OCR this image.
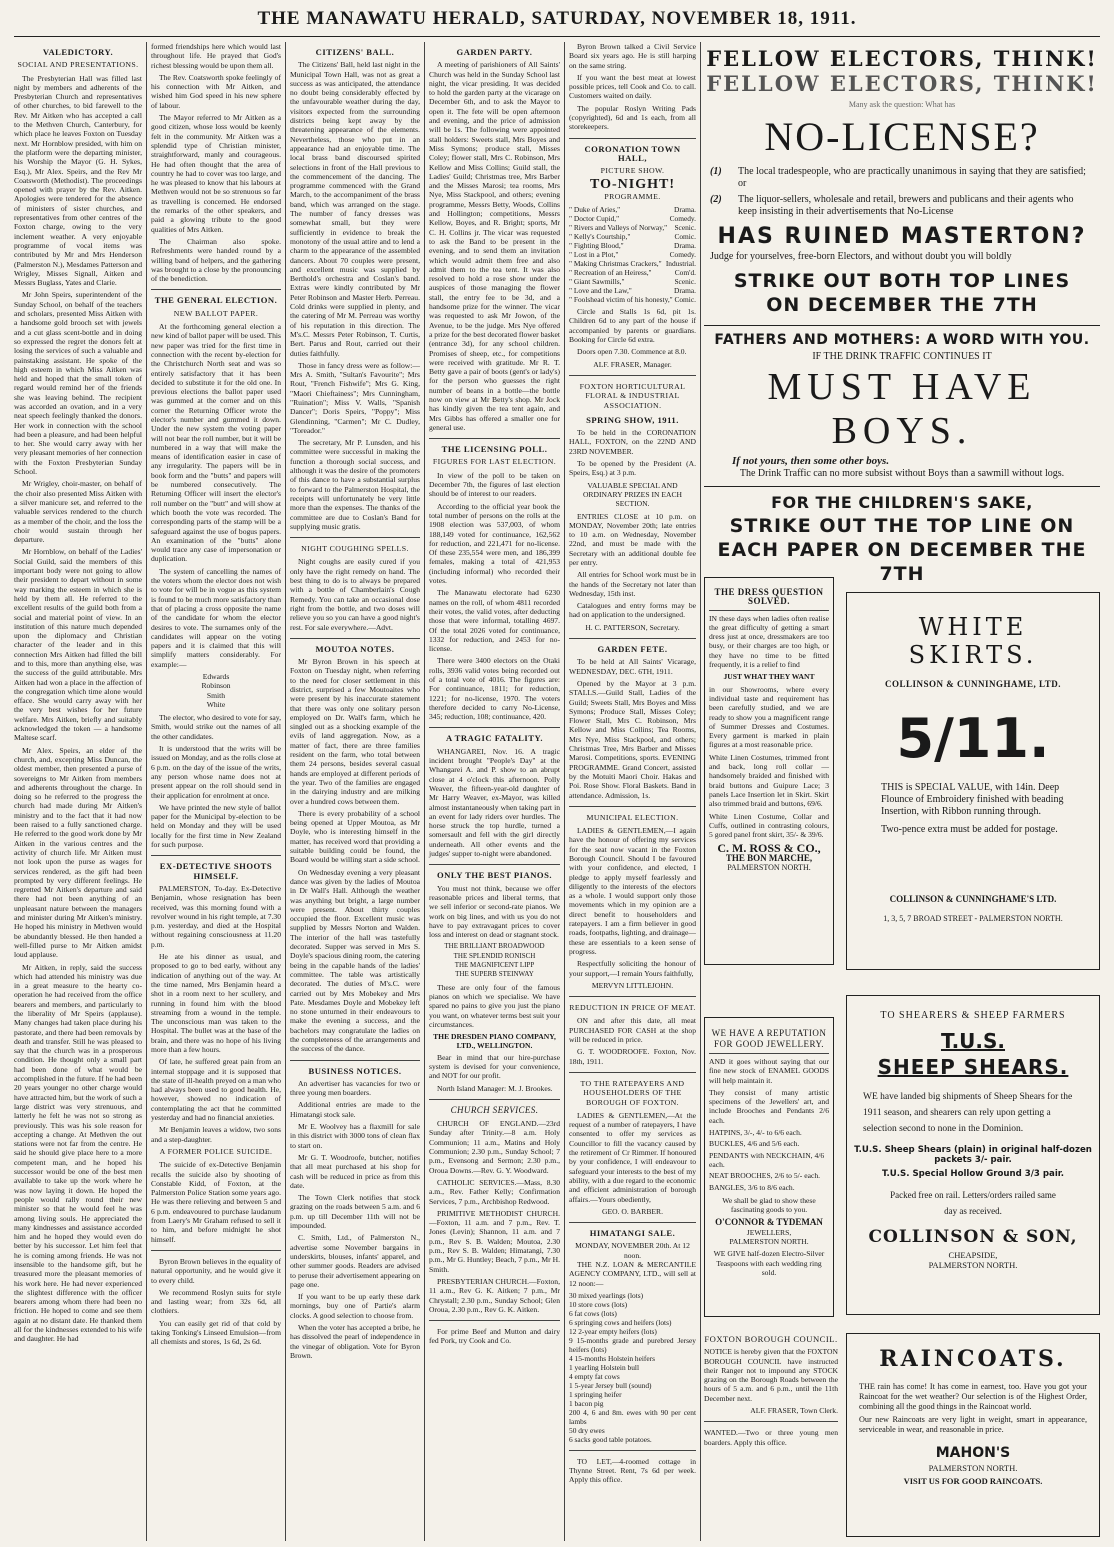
THE MANAWATU HERALD, SATURDAY, NOVEMBER 18, 1911.
VALEDICTORY.
SOCIAL AND PRESENTATIONS.

The Presbyterian Hall was filled last night by members and adherents of the Presbyterian Church and representatives of other churches, to bid farewell to the Rev. Mr Aitken who has accepted a call to the Methven Church, Canterbury, for which place he leaves Foxton on Tuesday next. Mr Hornblow presided, with him on the platform were the departing minister, his Worship the Mayor (G. H. Sykes, Esq.), Mr Alex. Speirs, and the Rev Mr Coatsworth (Methodist). The proceedings opened with prayer by the Rev. Aitken. Apologies were tendered for the absence of ministers of sister churches, and representatives from other centres of the Foxton charge, owing to the very inclement weather. A very enjoyable programme of vocal items was contributed by Mr and Mrs Henderson (Palmerston N.), Mesdames Patterson and Wrigley, Misses Signall, Aitken and Messrs Buglass, Yates and Clarie.

Mr John Speirs, superintendent of the Sunday School, on behalf of the teachers and scholars, presented Miss Aitken with a handsome gold brooch set with jewels and a cut glass scent-bottle and in doing so expressed the regret the donors felt at losing the services of such a valuable and painstaking assistant. He spoke of the high esteem in which Miss Aitken was held and hoped that the small token of regard would remind her of the friends she was leaving behind. The recipient was accorded an ovation, and in a very neat speech feelingly thanked the donors. Her work in connection with the school had been a pleasure, and had been helpful to her. She would carry away with her very pleasant memories of her connection with the Foxton Presbyterian Sunday School.

Mr Wrigley, choir-master, on behalf of the choir also presented Miss Aitken with a silver manicure set, and referred to the valuable services rendered to the church as a member of the choir, and the loss the choir would sustain through her departure.

Mr Hornblow, on behalf of the Ladies' Social Guild, said the members of this important body were not going to allow their president to depart without in some way marking the esteem in which she is held by them all. He referred to the excellent results of the guild both from a social and material point of view. In an institution of this nature much depended upon the diplomacy and Christian character of the leader and in this connection Mrs Aitken had filled the bill and to this, more than anything else, was the success of the guild attributable. Mrs Aitken had won a place in the affection of the congregation which time alone would efface. She would carry away with her the very best wishes for her future welfare. Mrs Aitken, briefly and suitably acknowledged the token — a handsome Maltese scarf.

Mr Alex. Speirs, an elder of the church, and, excepting Miss Duncan, the oldest member, then presented a purse of sovereigns to Mr Aitken from members and adherents throughout the charge. In doing so he referred to the progress the church had made during Mr Aitken's ministry and to the fact that it had now been raised to a fully sanctioned charge. He referred to the good work done by Mr Aitken in the various centres and the activity of church life. Mr Aitken must not look upon the purse as wages for services rendered, as the gift had been prompted by very different feelings. He regretted Mr Aitken's departure and said there had not been anything of an unpleasant nature between the managers and minister during Mr Aitken's ministry. He hoped his ministry in Methven would be abundantly blessed. He then handed a well-filled purse to Mr Aitken amidst loud applause.

Mr Aitken, in reply, said the success which had attended his ministry was due in a great measure to the hearty co-operation he had received from the office bearers and members, and particularly to the liberality of Mr Speirs (applause). Many changes had taken place during his pastorate, and there had been removals by death and transfer. Still he was pleased to say that the church was in a prosperous condition. He thought only a small part had been done of what would be accomplished in the future. If he had been 20 years younger no other charge would have attracted him, but the work of such a large district was very strenuous, and latterly he felt he was not so strong as previously. This was his sole reason for accepting a change. At Methven the out stations were not far from the centre. He said he should give place here to a more competent man, and he hoped his successor would be one of the best men available to take up the work where he was now laying it down. He hoped the people would rally round their new minister so that he would feel he was among living souls. He appreciated the many kindnesses and assistance accorded him and he hoped they would even do better by his successor. Let him feel that he is coming among friends. He was not insensible to the handsome gift, but he treasured more the pleasant memories of his work here. He had never experienced the slightest difference with the officer bearers among whom there had been no friction. He hoped to come and see them again at no distant date. He thanked them all for the kindnesses extended to his wife and daughter. He had

formed friendships here which would last throughout life. He prayed that God's richest blessing would be upon them all.

The Rev. Coatsworth spoke feelingly of his connection with Mr Aitken, and wished him God speed in his new sphere of labour.

The Mayor referred to Mr Aitken as a good citizen, whose loss would be keenly felt in the community. Mr Aitken was a splendid type of Christian minister, straightforward, manly and courageous. He had often thought that the area of country he had to cover was too large, and he was pleased to know that his labours at Methven would not be so strenuous so far as travelling is concerned. He endorsed the remarks of the other speakers, and paid a glowing tribute to the good qualities of Mrs Aitken.

The Chairman also spoke. Refreshments were handed round by a willing band of helpers, and the gathering was brought to a close by the pronouncing of the benediction.

THE GENERAL ELECTION.
NEW BALLOT PAPER.

At the forthcoming general election a new kind of ballot paper will be used. This new paper was tried for the first time in connection with the recent by-election for the Christchurch North seat and was so entirely satisfactory that it has been decided to substitute it for the old one. In previous elections the ballot paper used was gummed at the corner and on this corner the Returning Officer wrote the elector's number and gummed it down. Under the new system the voting paper will not bear the roll number, but it will be numbered in a way that will make the means of identification easier in case of any irregularity. The papers will be in book form and the "butts" and papers will be numbered consecutively. The Returning Officer will insert the elector's roll number on the "butt" and will show at which booth the vote was recorded. The corresponding parts of the stamp will be a safeguard against the use of bogus papers. An examination of the "butts" alone would trace any case of impersonation or duplication.

The system of cancelling the names of the voters whom the elector does not wish to vote for will be in vogue as this system is found to be much more satisfactory than that of placing a cross opposite the name of the candidate for whom the elector desires to vote. The surnames only of the candidates will appear on the voting papers and it is claimed that this will simplify matters considerably. For example:—

Edwards
Robinson
Smith
White

The elector, who desired to vote for say, Smith, would strike out the names of all the other candidates.

It is understood that the writs will be issued on Monday, and as the rolls close at 6 p.m. on the day of the issue of the writs, any person whose name does not at present appear on the roll should send in their application for enrolment at once.

We have printed the new style of ballot paper for the Municipal by-election to be held on Monday and they will be used locally for the first time in New Zealand for such purpose.

EX-DETECTIVE SHOOTS HIMSELF.

PALMERSTON, To-day. Ex-Detective Benjamin, whose resignation has been received, was this morning found with a revolver wound in his right temple, at 7.30 p.m. yesterday, and died at the Hospital without regaining consciousness at 11.20 p.m.

He ate his dinner as usual, and proposed to go to bed early, without any indication of anything out of the way. At the time named, Mrs Benjamin heard a shot in a room next to her scullery, and running in found him with the blood streaming from a wound in the temple. The unconscious man was taken to the Hospital. The bullet was at the base of the brain, and there was no hope of his living more than a few hours.

Of late, he suffered great pain from an internal stoppage and it is supposed that the state of ill-health preyed on a man who had always been used to good health. He, however, showed no indication of contemplating the act that he committed yesterday and had no financial anxieties.

Mr Benjamin leaves a widow, two sons and a step-daughter.

A FORMER POLICE SUICIDE.

The suicide of ex-Detective Benjamin recalls the suicide also by shooting of Constable Kidd, of Foxton, at the Palmerston Police Station some years ago. He was there relieving and between 5 and 6 p.m. endeavoured to purchase laudanum from Laery's Mr Graham refused to sell it to him, and before midnight he shot himself.

Byron Brown believes in the equality of natural opportunity, and he would give it to every child.

We recommend Roslyn suits for style and lasting wear; from 32s 6d, all clothiers.

You can easily get rid of that cold by taking Tonking's Linseed Emulsion—from all chemists and stores, 1s 6d, 2s 6d.

CITIZENS' BALL.

The Citizens' Ball, held last night in the Municipal Town Hall, was not as great a success as was anticipated, the attendance no doubt being considerably effected by the unfavourable weather during the day, visitors expected from the surrounding districts being kept away by the threatening appearance of the elements. Nevertheless, those who put in an appearance had an enjoyable time. The local brass band discoursed spirited selections in front of the Hall previous to the commencement of the dancing. The programme commenced with the Grand March, to the accompaniment of the brass band, which was arranged on the stage. The number of fancy dresses was somewhat small, but they were sufficiently in evidence to break the monotony of the usual attire and to lend a charm to the appearance of the assembled dancers. About 70 couples were present, and excellent music was supplied by Berthold's orchestra and Coslan's band. Extras were kindly contributed by Mr Peter Robinson and Master Herb. Perreau. Cold drinks were supplied in plenty, and the catering of Mr M. Perreau was worthy of his reputation in this direction. The M's.C. Messrs Peter Robinson, T. Curtis, Bert. Parus and Rout, carried out their duties faithfully.

Those in fancy dress were as follow:—Mrs A. Smith, "Sultan's Favourite"; Mrs Rout, "French Fishwife"; Mrs G. King, "Maori Chieftainess"; Mrs Cunningham, "Ruination"; Miss V. Walls, "Spanish Dancer"; Doris Speirs, "Poppy"; Miss Glendinning, "Carmen"; Mr C. Dudley, "Toreador."

The secretary, Mr P. Lunsden, and his committee were successful in making the function a thorough social success, and although it was the desire of the promoters of this dance to have a substantial surplus to forward to the Palmerston Hospital, the receipts will unfortunately be very little more than the expenses. The thanks of the committee are due to Coslan's Band for supplying music gratis.

NIGHT COUGHING SPELLS.

Night coughs are easily cured if you only have the right remedy on hand. The best thing to do is to always be prepared with a bottle of Chamberlain's Cough Remedy. You can take an occasional dose right from the bottle, and two doses will relieve you so you can have a good night's rest. For sale everywhere.—Advt.

MOUTOA NOTES.

Mr Byron Brown in his speech at Foxton on Tuesday night, when referring to the need for closer settlement in this district, surprised a few Moutoaites who were present by his inaccurate statement that there was only one solitary person employed on Dr. Wall's farm, which he singled out as a shocking example of the evils of land aggregation. Now, as a matter of fact, there are three families resident on the farm, who total between them 24 persons, besides several casual hands are employed at different periods of the year. Two of the families are engaged in the dairying industry and are milking over a hundred cows between them.

There is every probability of a school being opened at Upper Moutoa, as Mr Doyle, who is interesting himself in the matter, has received word that providing a suitable building could be found, the Board would be willing start a side school.

On Wednesday evening a very pleasant dance was given by the ladies of Moutoa in Dr Wall's Hall. Although the weather was anything but bright, a large number were present. About thirty couples occupied the floor. Excellent music was supplied by Messrs Norton and Walden. The interior of the hall was tastefully decorated. Supper was served in Mrs S. Doyle's spacious dining room, the catering being in the capable hands of the ladies' committee. The table was artistically decorated. The duties of M's.C. were carried out by Mrs Mobekey and Mrs Pate. Mesdames Doyle and Mobekey left no stone unturned in their endeavours to make the evening a success, and the bachelors may congratulate the ladies on the completeness of the arrangements and the success of the dance.

BUSINESS NOTICES.

An advertiser has vacancies for two or three young men boarders.

Additional entries are made to the Himatangi stock sale.

Mr E. Woolvey has a flaxmill for sale in this district with 3000 tons of clean flax to start on.

Mr G. T. Woodroofe, butcher, notifies that all meat purchased at his shop for cash will be reduced in price as from this date.

The Town Clerk notifies that stock grazing on the roads between 5 a.m. and 6 p.m. up till December 11th will not be impounded.

C. Smith, Ltd., of Palmerston N., advertise some November bargains in underskirts, blouses, infants' apparel, and other summer goods. Readers are advised to peruse their advertisement appearing on page one.

If you want to be up early these dark mornings, buy one of Partie's alarm clocks. A good selection to choose from.

When the voter has accepted a bribe, he has dissolved the pearl of independence in the vinegar of obligation. Vote for Byron Brown.

GARDEN PARTY.

A meeting of parishioners of All Saints' Church was held in the Sunday School last night, the vicar presiding. It was decided to hold the garden party at the vicarage on December 6th, and to ask the Mayor to open it. The fete will be open afternoon and evening, and the price of admission will be 1s. The following were appointed stall holders: Sweets stall, Mrs Boyes and Miss Symons; produce stall, Misses Coley; flower stall, Mrs C. Robinson, Mrs Kellow and Miss Collins; Guild stall, the Ladies' Guild; Christmas tree, Mrs Barber and the Misses Marosi; tea rooms, Mrs Nye, Miss Stackpool, and others; evening programme, Messrs Betty, Woods, Collins and Hollington; competitions, Messrs Kellow, Boyes, and R. Bright; sports, Mr C. H. Collins jr. The vicar was requested to ask the Band to be present in the evening, and to send them an invitation which would admit them free and also admit them to the tea tent. It was also resolved to hold a rose show under the auspices of those managing the flower stall, the entry fee to be 3d, and a handsome prize for the winner. The vicar was requested to ask Mr Jowon, of the Avenue, to be the judge. Mrs Nye offered a prize for the best decorated flower basket (entrance 3d), for any school children. Promises of sheep, etc., for competitions were received with gratitude. Mr R. T. Betty gave a pair of boots (gent's or lady's) for the person who guesses the right number of beans in a bottle—the bottle now on view at Mr Betty's shop. Mr Jock has kindly given the tea tent again, and Mrs Gibbs has offered a smaller one for general use.

THE LICENSING POLL.
FIGURES FOR LAST ELECTION.

In view of the poll to be taken on December 7th, the figures of last election should be of interest to our readers.

According to the official year book the total number of persons on the rolls at the 1908 election was 537,003, of whom 188,149 voted for continuance, 162,562 for reduction, and 221,471 for no-license. Of these 235,554 were men, and 186,399 females, making a total of 421,953 (including informal) who recorded their votes.

The Manawatu electorate had 6230 names on the roll, of whom 4811 recorded their votes, the valid votes, after deducting those that were informal, totalling 4697. Of the total 2026 voted for continuance, 1332 for reduction, and 2453 for no-license.

There were 3400 electors on the Otaki rolls, 3936 valid votes being recorded out of a total vote of 4016. The figures are: For continuance, 1811; for reduction, 1221; for no-license, 1970. The voters therefore decided to carry No-License, 345; reduction, 108; continuance, 420.

A TRAGIC FATALITY.

WHANGAREI, Nov. 16. A tragic incident brought "People's Day" at the Whangarei A. and P. show to an abrupt close at 4 o'clock this afternoon. Polly Weaver, the fifteen-year-old daughter of Mr Harry Weaver, ex-Mayor, was killed almost instantaneously when taking part in an event for lady riders over hurdles. The horse struck the top hurdle, turned a somersault and fell with the girl directly underneath. All other events and the judges' supper to-night were abandoned.

ONLY THE BEST PIANOS.

You must not think, because we offer reasonable prices and liberal terms, that we sell inferior or second-rate pianos. We work on big lines, and with us you do not have to pay extravagant prices to cover loss and interest on dead or stagnant stock.

THE BRILLIANT BROADWOOD
THE SPLENDID RONISCH
THE MAGNIFICENT LIPP
THE SUPERB STEINWAY

These are only four of the famous pianos on which we specialise. We have spared no pains to give you just the piano you want, on whatever terms best suit your circumstances.

THE DRESDEN PIANO COMPANY, LTD., WELLINGTON.

Bear in mind that our hire-purchase system is devised for your convenience, and NOT for our profit.

North Island Manager: M. J. Brookes.

CHURCH SERVICES.

CHURCH OF ENGLAND.—23rd Sunday after Trinity.—8 a.m. Holy Communion; 11 a.m., Matins and Holy Communion; 2.30 p.m., Sunday School; 7 p.m., Evensong and Sermon; 2.30 p.m., Oroua Downs.—Rev. G. Y. Woodward.

CATHOLIC SERVICES.—Mass, 8.30 a.m., Rev. Father Kelly; Confirmation Services, 7 p.m., Archbishop Redwood.

PRIMITIVE METHODIST CHURCH.—Foxton, 11 a.m. and 7 p.m., Rev. T. Jones (Levin); Shannon, 11 a.m. and 7 p.m., Rev S. B. Walden; Moutoa, 2.30 p.m., Rev S. B. Walden; Himatangi, 7.30 p.m., Mr G. Huntley; Beach, 7 p.m., Mr H. Smith.

PRESBYTERIAN CHURCH.—Foxton, 11 a.m., Rev G. K. Aitken; 7 p.m., Mr Chrystall; 2.30 p.m., Sunday School; Glen Oroua, 2.30 p.m., Rev G. K. Aitken.

For prime Beef and Mutton and dairy fed Pork, try Cook and Co.

Byron Brown talked a Civil Service Board six years ago. He is still harping on the same string.

If you want the best meat at lowest possible prices, tell Cook and Co. to call. Customers waited on daily.

The popular Roslyn Writing Pads (copyrighted), 6d and 1s each, from all storekeepers.

CORONATION TOWN HALL,
PICTURE SHOW.
TO-NIGHT!
PROGRAMME.
" Duke of Aries,"	Drama.
" Doctor Cupid,"	Comedy.
" Rivers and Valleys of Norway," Scenic.
" Kelly's Courtship,"	Comic.
" Fighting Blood,"	Drama.
" Lost in a Plot,"	Comedy.
" Making Christmas Crackers," Industrial.
" Recreation of an Heiress,"	Com'd.
" Giant Sawmills,"	Scenic.
" Love and the Law,"	Drama.
" Foolshead victim of his honesty," Comic.

Circle and Stalls 1s 6d, pit 1s. Children 6d to any part of the house if accompanied by parents or guardians. Booking for Circle 6d extra.

Doors open 7.30. Commence at 8.0.

ALF. FRASER, Manager.
FOXTON HORTICULTURAL FLORAL & INDUSTRIAL ASSOCIATION.
SPRING SHOW, 1911.

To be held in the CORONATION HALL, FOXTON, on the 22ND AND 23RD NOVEMBER.

To be opened by the President (A. Speirs, Esq.) at 3 p.m.

VALUABLE SPECIAL AND ORDINARY PRIZES IN EACH SECTION.

ENTRIES CLOSE at 10 p.m. on MONDAY, November 20th; late entries to 10 a.m. on Wednesday, November 22nd, and must be made with the Secretary with an additional double fee per entry.

All entries for School work must be in the hands of the Secretary not later than Wednesday, 15th inst.

Catalogues and entry forms may be had on application to the undersigned.

H. C. PATTERSON, Secretary.
GARDEN FETE.

To be held at All Saints' Vicarage, WEDNESDAY, DEC. 6TH, 1911.

Opened by the Mayor at 3 p.m. STALLS.—Guild Stall, Ladies of the Guild; Sweets Stall, Mrs Boyes and Miss Symons; Produce Stall, Misses Coley; Flower Stall, Mrs C. Robinson, Mrs Kellow and Miss Collins; Tea Rooms, Mrs Nye, Miss Stackpool, and others; Christmas Tree, Mrs Barber and Misses Marosi. Competitions, sports. EVENING PROGRAMME. Grand Concert, assisted by the Motuiti Maori Choir. Hakas and Poi. Rose Show. Floral Baskets. Band in attendance. Admission, 1s.

MUNICIPAL ELECTION.

LADIES & GENTLEMEN,—I again have the honour of offering my services for the seat now vacant in the Foxton Borough Council. Should I be favoured with your confidence, and elected, I pledge to apply myself fearlessly and diligently to the interests of the electors as a whole. I would support only those movements which in my opinion are a direct benefit to householders and ratepayers. I am a firm believer in good roads, footpaths, lighting, and drainage—these are essentials to a keen sense of progress.

Respectfully soliciting the honour of your support,—I remain Yours faithfully,

MERVYN LITTLEJOHN.
REDUCTION IN PRICE OF MEAT.

ON and after this date, all meat PURCHASED FOR CASH at the shop will be reduced in price.

G. T. WOODROOFE. Foxton, Nov. 18th, 1911.

TO THE RATEPAYERS AND HOUSEHOLDERS OF THE BOROUGH OF FOXTON.

LADIES & GENTLEMEN,—At the request of a number of ratepayers, I have consented to offer my services as Councillor to fill the vacancy caused by the retirement of Cr Rimmer. If honoured by your confidence, I will endeavour to safeguard your interests to the best of my ability, with a due regard to the economic and efficient administration of borough affairs.—Yours obediently,

GEO. O. BARBER.
HIMATANGI SALE.
MONDAY, NOVEMBER 20th. At 12 noon.

THE N.Z. LOAN & MERCANTILE AGENCY COMPANY, LTD., will sell at 12 noon:—

30 mixed yearlings (lots)
10 store cows (lots)
6 fat cows (lots)
6 springing cows and heifers (lots)
12 2-year empty heifers (lots)
9 15-months grade and purebred Jersey heifers (lots)
4 15-months Holstein heifers
1 yearling Holstein bull
4 empty fat cows
1 5-year Jersey bull (sound)
1 springing heifer
1 bacon pig
200 4, 6 and 8m. ewes with 90 per cent lambs
50 dry ewes
6 sacks good table potatoes.

TO LET,—4-roomed cottage in Thynne Street. Rent, 7s 6d per week. Apply this office.

FELLOW ELECTORS, THINK!
FELLOW ELECTORS, THINK!
Many ask the question: What has
NO-LICENSE?
(1)	The local tradespeople, who are practically unanimous in saying that they are satisfied; or
(2)	The liquor-sellers, wholesale and retail, brewers and publicans and their agents who keep insisting in their advertisements that No-License
HAS RUINED MASTERTON?
Judge for yourselves, free-born Electors, and without doubt you will boldly
STRIKE OUT BOTH TOP LINES ON DECEMBER THE 7TH
FATHERS AND MOTHERS: A WORD WITH YOU.
IF THE DRINK TRAFFIC CONTINUES IT
MUST HAVE BOYS.
If not yours, then some other boys.
The Drink Traffic can no more subsist without Boys than a sawmill without logs.
FOR THE CHILDREN'S SAKE,
STRIKE OUT THE TOP LINE ON EACH PAPER ON DECEMBER THE 7TH
THE DRESS QUESTION SOLVED.

IN these days when ladies often realise the great difficulty of getting a smart dress just at once, dressmakers are too busy, or their charges are too high, or they have no time to be fitted frequently, it is a relief to find

JUST WHAT THEY WANT

in our Showrooms, where every individual taste and requirement has been carefully studied, and we are ready to show you a magnificent range of Summer Dresses and Costumes. Every garment is marked in plain figures at a most reasonable price.

White Linen Costumes, trimmed front and back, long roll collar — handsomely braided and finished with braid buttons and Guipure Lace; 3 panels Lace Insertion let in Skirt. Skirt also trimmed braid and buttons, 69/6.

White Linen Costume, Collar and Cuffs, outlined in contrasting colours, 5 gored panel front skirt, 35/- & 39/6.

C. M. ROSS & CO.,
THE BON MARCHE,
PALMERSTON NORTH.
WHITE SKIRTS.
COLLINSON & CUNNINGHAME, LTD.
5/11.

THIS is SPECIAL VALUE, with 14in. Deep Flounce of Embroidery finished with beading Insertion, with Ribbon running through.

Two-pence extra must be added for postage.

COLLINSON & CUNNINGHAME'S LTD.
1, 3, 5, 7 BROAD STREET - PALMERSTON NORTH.
WE HAVE A REPUTATION FOR GOOD JEWELLERY.

AND it goes without saying that our fine new stock of ENAMEL GOODS will help maintain it.

They consist of many artistic specimens of the Jewellers' art, and include Brooches and Pendants 2/6 each.

HATPINS, 3/-, 4/- to 6/6 each.
BUCKLES, 4/6 and 5/6 each.
PENDANTS with NECKCHAIN, 4/6 each.
NEAT BROOCHES, 2/6 to 5/- each.
BANGLES, 3/6 to 8/6 each.

We shall be glad to show these fascinating goods to you.

O'CONNOR & TYDEMAN
JEWELLERS,
PALMERSTON NORTH.

WE GIVE half-dozen Electro-Silver Teaspoons with each wedding ring sold.

TO SHEARERS & SHEEP FARMERS
T.U.S.
SHEEP SHEARS.

WE have landed big shipments of Sheep Shears for the 1911 season, and shearers can rely upon getting a selection second to none in the Dominion.

T.U.S. Sheep Shears (plain) in original half-dozen packets 3/- pair.
T.U.S. Special Hollow Ground 3/3 pair.
Packed free on rail. Letters/orders railed same day as received.
COLLINSON & SON,
CHEAPSIDE,
PALMERSTON NORTH.
FOXTON BOROUGH COUNCIL.

NOTICE is hereby given that the FOXTON BOROUGH COUNCIL have instructed their Ranger not to impound any STOCK grazing on the Borough Roads between the hours of 5 a.m. and 6 p.m., until the 11th December next.

ALF. FRASER, Town Clerk.

WANTED.—Two or three young men boarders. Apply this office.

RAINCOATS.

THE rain has come! It has come in earnest, too. Have you got your Raincoat for the wet weather? Our selection is of the Highest Order, combining all the good things in the Raincoat world.

Our new Raincoats are very light in weight, smart in appearance, serviceable in wear, and reasonable in price.

MAHON'S
PALMERSTON NORTH.
VISIT US FOR GOOD RAINCOATS.
